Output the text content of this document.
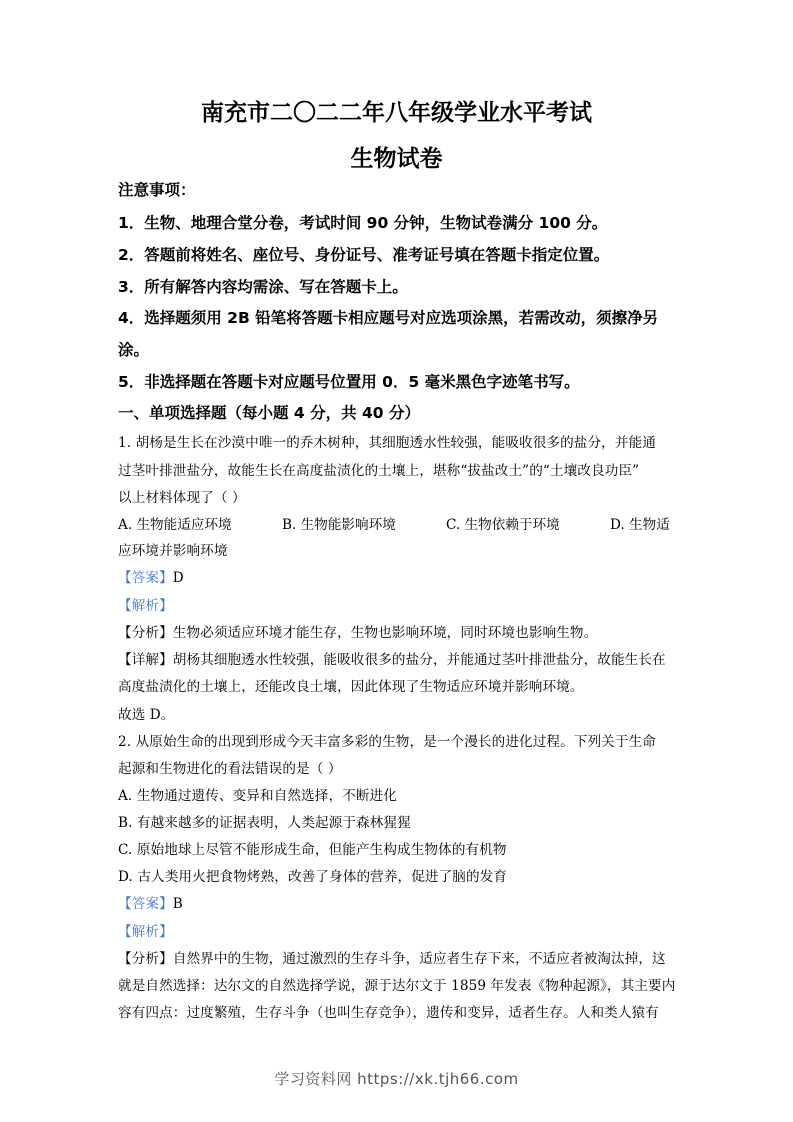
南充市二〇二二年八年级学业水平考试
生物试卷
注意事项：
1．生物、地理合堂分卷，考试时间 90 分钟，生物试卷满分 100 分。
2．答题前将姓名、座位号、身份证号、准考证号填在答题卡指定位置。
3．所有解答内容均需涂、写在答题卡上。
4．选择题须用 2B 铅笔将答题卡相应题号对应选项涂黑，若需改动，须擦净另
涂。
5．非选择题在答题卡对应题号位置用 0．5 毫米黑色字迹笔书写。
一、单项选择题（每小题 4 分，共 40 分）
1. 胡杨是生长在沙漠中唯一的乔木树种，其细胞透水性较强，能吸收很多的盐分，并能通
过茎叶排泄盐分，故能生长在高度盐渍化的土壤上，堪称“拔盐改土”的“土壤改良功臣”
以上材料体现了（ ）
A. 生物能适应环境	B. 生物能影响环境	C. 生物依赖于环境	D. 生物适
应环境并影响环境
【答案】D
【解析】
【分析】生物必须适应环境才能生存，生物也影响环境，同时环境也影响生物。
【详解】胡杨其细胞透水性较强，能吸收很多的盐分，并能通过茎叶排泄盐分，故能生长在
高度盐渍化的土壤上，还能改良土壤，因此体现了生物适应环境并影响环境。
故选 D。
2. 从原始生命的出现到形成今天丰富多彩的生物，是一个漫长的进化过程。下列关于生命
起源和生物进化的看法错误的是（ ）
A. 生物通过遗传、变异和自然选择，不断进化
B. 有越来越多的证据表明，人类起源于森林猩猩
C. 原始地球上尽管不能形成生命，但能产生构成生物体的有机物
D. 古人类用火把食物烤熟，改善了身体的营养，促进了脑的发育
【答案】B
【解析】
【分析】自然界中的生物，通过激烈的生存斗争，适应者生存下来，不适应者被淘汰掉，这
就是自然选择：达尔文的自然选择学说，源于达尔文于 1859 年发表《物种起源》，其主要内
容有四点：过度繁殖，生存斗争（也叫生存竞争），遗传和变异，适者生存。人和类人猿有
学习资料网 https://xk.tjh66.com
